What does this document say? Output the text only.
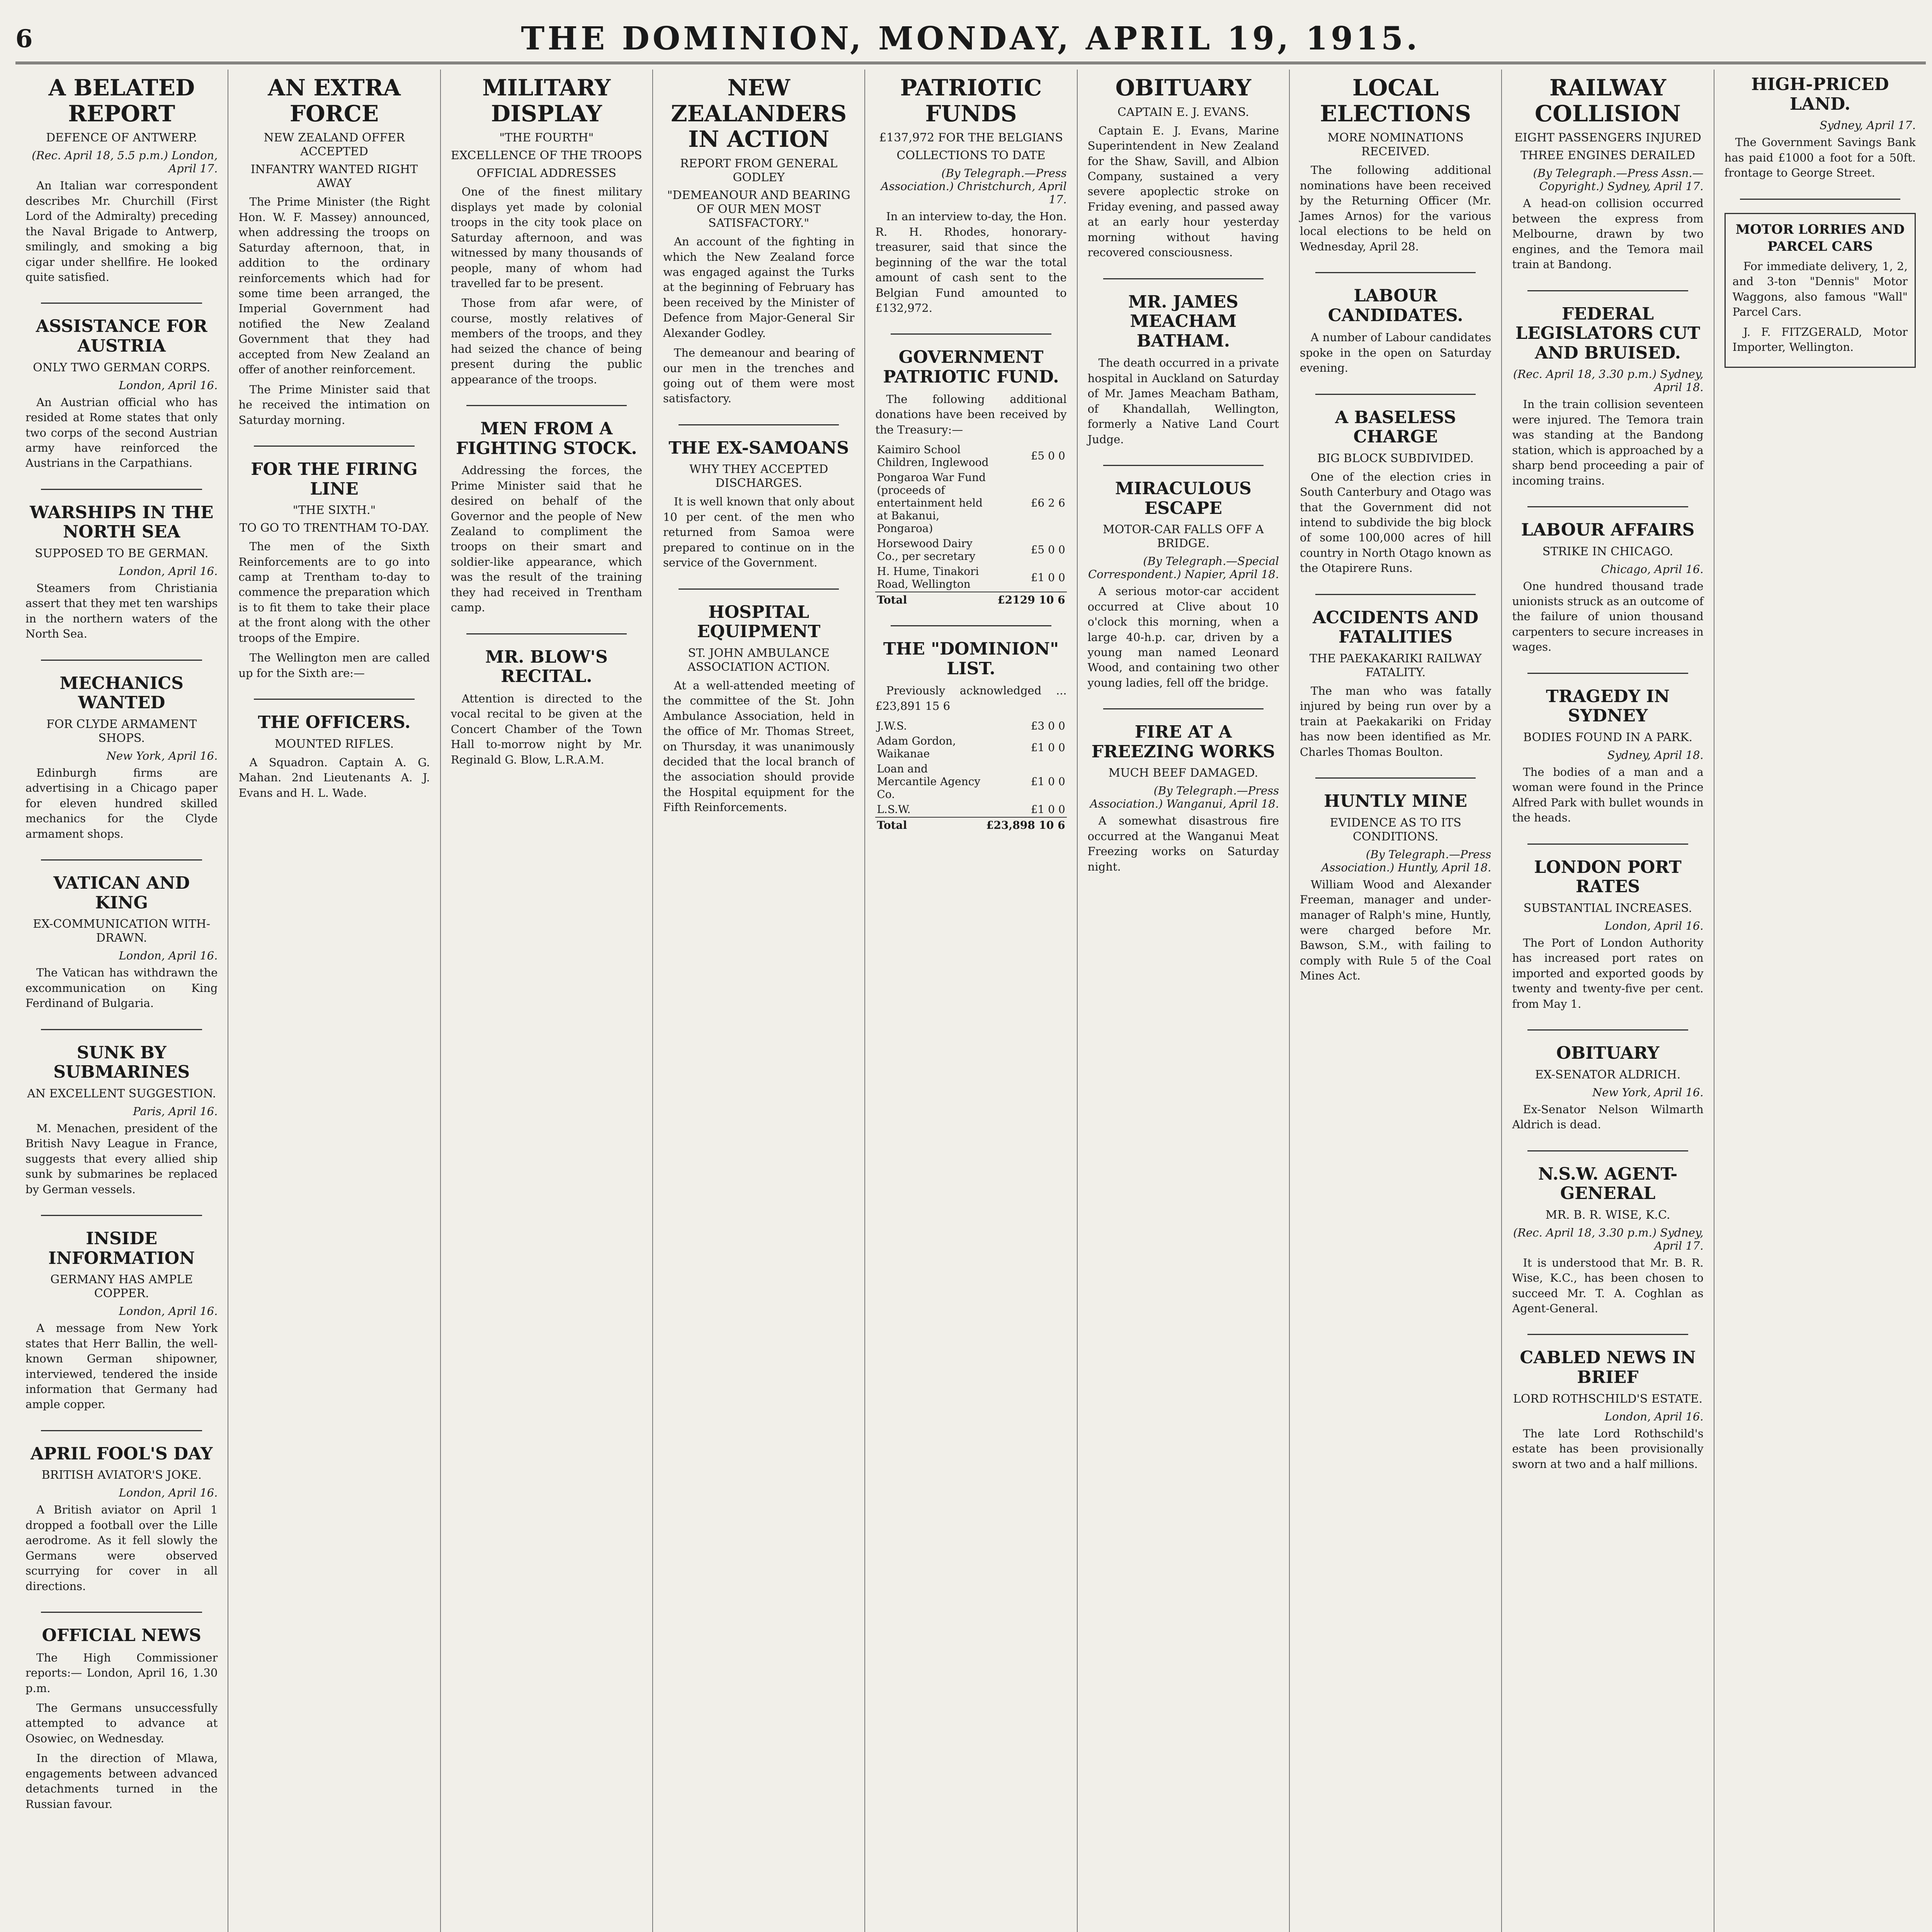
6	THE DOMINION, MONDAY, APRIL 19, 1915.
A BELATED REPORT
DEFENCE OF ANTWERP.
(Rec. April 18, 5.5 p.m.) London, April 17.

An Italian war correspondent describes Mr. Churchill (First Lord of the Admiralty) preceding the Naval Brigade to Antwerp, smilingly, and smoking a big cigar under shellfire. He looked quite satisfied.

ASSISTANCE FOR AUSTRIA
ONLY TWO GERMAN CORPS.
London, April 16.

An Austrian official who has resided at Rome states that only two corps of the second Austrian army have reinforced the Austrians in the Carpathians.

WARSHIPS IN THE NORTH SEA
SUPPOSED TO BE GERMAN.
London, April 16.

Steamers from Christiania assert that they met ten warships in the northern waters of the North Sea.

MECHANICS WANTED
FOR CLYDE ARMAMENT SHOPS.
New York, April 16.

Edinburgh firms are advertising in a Chicago paper for eleven hundred skilled mechanics for the Clyde armament shops.

VATICAN AND KING
EX-COMMUNICATION WITH-DRAWN.
London, April 16.

The Vatican has withdrawn the excommunication on King Ferdinand of Bulgaria.

SUNK BY SUBMARINES
AN EXCELLENT SUGGESTION.
Paris, April 16.

M. Menachen, president of the British Navy League in France, suggests that every allied ship sunk by submarines be replaced by German vessels.

INSIDE INFORMATION
GERMANY HAS AMPLE COPPER.
London, April 16.

A message from New York states that Herr Ballin, the well-known German shipowner, interviewed, tendered the inside information that Germany had ample copper.

APRIL FOOL'S DAY
BRITISH AVIATOR'S JOKE.
London, April 16.

A British aviator on April 1 dropped a football over the Lille aerodrome. As it fell slowly the Germans were observed scurrying for cover in all directions.

OFFICIAL NEWS

The High Commissioner reports:— London, April 16, 1.30 p.m.

The Germans unsuccessfully attempted to advance at Osowiec, on Wednesday.

In the direction of Mlawa, engagements between advanced detachments turned in the Russian favour.

AN EXTRA FORCE
NEW ZEALAND OFFER ACCEPTED
INFANTRY WANTED RIGHT AWAY

The Prime Minister (the Right Hon. W. F. Massey) announced, when addressing the troops on Saturday afternoon, that, in addition to the ordinary reinforcements which had for some time been arranged, the Imperial Government had notified the New Zealand Government that they had accepted from New Zealand an offer of another reinforcement.

The Prime Minister said that he received the intimation on Saturday morning.

FOR THE FIRING LINE
"THE SIXTH."
TO GO TO TRENTHAM TO-DAY.

The men of the Sixth Reinforcements are to go into camp at Trentham to-day to commence the preparation which is to fit them to take their place at the front along with the other troops of the Empire.

The Wellington men are called up for the Sixth are:—

THE OFFICERS.
MOUNTED RIFLES.

A Squadron. Captain A. G. Mahan. 2nd Lieutenants A. J. Evans and H. L. Wade.

MILITARY DISPLAY
"THE FOURTH"
EXCELLENCE OF THE TROOPS
OFFICIAL ADDRESSES

One of the finest military displays yet made by colonial troops in the city took place on Saturday afternoon, and was witnessed by many thousands of people, many of whom had travelled far to be present.

Those from afar were, of course, mostly relatives of members of the troops, and they had seized the chance of being present during the public appearance of the troops.

MEN FROM A FIGHTING STOCK.

Addressing the forces, the Prime Minister said that he desired on behalf of the Governor and the people of New Zealand to compliment the troops on their smart and soldier-like appearance, which was the result of the training they had received in Trentham camp.

MR. BLOW'S RECITAL.

Attention is directed to the vocal recital to be given at the Concert Chamber of the Town Hall to-morrow night by Mr. Reginald G. Blow, L.R.A.M.

NEW ZEALANDERS IN ACTION
REPORT FROM GENERAL GODLEY
"DEMEANOUR AND BEARING OF OUR MEN MOST SATISFACTORY."

An account of the fighting in which the New Zealand force was engaged against the Turks at the beginning of February has been received by the Minister of Defence from Major-General Sir Alexander Godley.

The demeanour and bearing of our men in the trenches and going out of them were most satisfactory.

THE EX-SAMOANS
WHY THEY ACCEPTED DISCHARGES.

It is well known that only about 10 per cent. of the men who returned from Samoa were prepared to continue on in the service of the Government.

HOSPITAL EQUIPMENT
ST. JOHN AMBULANCE ASSOCIATION ACTION.

At a well-attended meeting of the committee of the St. John Ambulance Association, held in the office of Mr. Thomas Street, on Thursday, it was unanimously decided that the local branch of the association should provide the Hospital equipment for the Fifth Reinforcements.

PATRIOTIC FUNDS
£137,972 FOR THE BELGIANS
COLLECTIONS TO DATE
(By Telegraph.—Press Association.) Christchurch, April 17.

In an interview to-day, the Hon. R. H. Rhodes, honorary-treasurer, said that since the beginning of the war the total amount of cash sent to the Belgian Fund amounted to £132,972.

GOVERNMENT PATRIOTIC FUND.

The following additional donations have been received by the Treasury:—

Kaimiro School Children, Inglewood	£5 0 0
Pongaroa War Fund (proceeds of entertainment held at Bakanui, Pongaroa)	£6 2 6
Horsewood Dairy Co., per secretary	£5 0 0
H. Hume, Tinakori Road, Wellington	£1 0 0
Total	£2129 10 6
THE "DOMINION" LIST.

Previously acknowledged ... £23,891 15 6

J.W.S.	£3 0 0
Adam Gordon, Waikanae	£1 0 0
Loan and Mercantile Agency Co.	£1 0 0
L.S.W.	£1 0 0
Total	£23,898 10 6
OBITUARY
CAPTAIN E. J. EVANS.

Captain E. J. Evans, Marine Superintendent in New Zealand for the Shaw, Savill, and Albion Company, sustained a very severe apoplectic stroke on Friday evening, and passed away at an early hour yesterday morning without having recovered consciousness.

MR. JAMES MEACHAM BATHAM.

The death occurred in a private hospital in Auckland on Saturday of Mr. James Meacham Batham, of Khandallah, Wellington, formerly a Native Land Court Judge.

MIRACULOUS ESCAPE
MOTOR-CAR FALLS OFF A BRIDGE.
(By Telegraph.—Special Correspondent.) Napier, April 18.

A serious motor-car accident occurred at Clive about 10 o'clock this morning, when a large 40-h.p. car, driven by a young man named Leonard Wood, and containing two other young ladies, fell off the bridge.

FIRE AT A FREEZING WORKS
MUCH BEEF DAMAGED.
(By Telegraph.—Press Association.) Wanganui, April 18.

A somewhat disastrous fire occurred at the Wanganui Meat Freezing works on Saturday night.

LOCAL ELECTIONS
MORE NOMINATIONS RECEIVED.

The following additional nominations have been received by the Returning Officer (Mr. James Arnos) for the various local elections to be held on Wednesday, April 28.

LABOUR CANDIDATES.

A number of Labour candidates spoke in the open on Saturday evening.

A BASELESS CHARGE
BIG BLOCK SUBDIVIDED.

One of the election cries in South Canterbury and Otago was that the Government did not intend to subdivide the big block of some 100,000 acres of hill country in North Otago known as the Otapirere Runs.

ACCIDENTS AND FATALITIES
THE PAEKAKARIKI RAILWAY FATALITY.

The man who was fatally injured by being run over by a train at Paekakariki on Friday has now been identified as Mr. Charles Thomas Boulton.

HUNTLY MINE
EVIDENCE AS TO ITS CONDITIONS.
(By Telegraph.—Press Association.) Huntly, April 18.

William Wood and Alexander Freeman, manager and under-manager of Ralph's mine, Huntly, were charged before Mr. Bawson, S.M., with failing to comply with Rule 5 of the Coal Mines Act.

RAILWAY COLLISION
EIGHT PASSENGERS INJURED
THREE ENGINES DERAILED
(By Telegraph.—Press Assn.—Copyright.) Sydney, April 17.

A head-on collision occurred between the express from Melbourne, drawn by two engines, and the Temora mail train at Bandong.

FEDERAL LEGISLATORS CUT AND BRUISED.
(Rec. April 18, 3.30 p.m.) Sydney, April 18.

In the train collision seventeen were injured. The Temora train was standing at the Bandong station, which is approached by a sharp bend proceeding a pair of incoming trains.

LABOUR AFFAIRS
STRIKE IN CHICAGO.
Chicago, April 16.

One hundred thousand trade unionists struck as an outcome of the failure of union thousand carpenters to secure increases in wages.

TRAGEDY IN SYDNEY
BODIES FOUND IN A PARK.
Sydney, April 18.

The bodies of a man and a woman were found in the Prince Alfred Park with bullet wounds in the heads.

LONDON PORT RATES
SUBSTANTIAL INCREASES.
London, April 16.

The Port of London Authority has increased port rates on imported and exported goods by twenty and twenty-five per cent. from May 1.

OBITUARY
EX-SENATOR ALDRICH.
New York, April 16.

Ex-Senator Nelson Wilmarth Aldrich is dead.

N.S.W. AGENT-GENERAL
MR. B. R. WISE, K.C.
(Rec. April 18, 3.30 p.m.) Sydney, April 17.

It is understood that Mr. B. R. Wise, K.C., has been chosen to succeed Mr. T. A. Coghlan as Agent-General.

CABLED NEWS IN BRIEF
LORD ROTHSCHILD'S ESTATE.
London, April 16.

The late Lord Rothschild's estate has been provisionally sworn at two and a half millions.

HIGH-PRICED LAND.
Sydney, April 17.

The Government Savings Bank has paid £1000 a foot for a 50ft. frontage to George Street.

MOTOR LORRIES AND PARCEL CARS

For immediate delivery, 1, 2, and 3-ton "Dennis" Motor Waggons, also famous "Wall" Parcel Cars.

J. F. FITZGERALD, Motor Importer, Wellington.
